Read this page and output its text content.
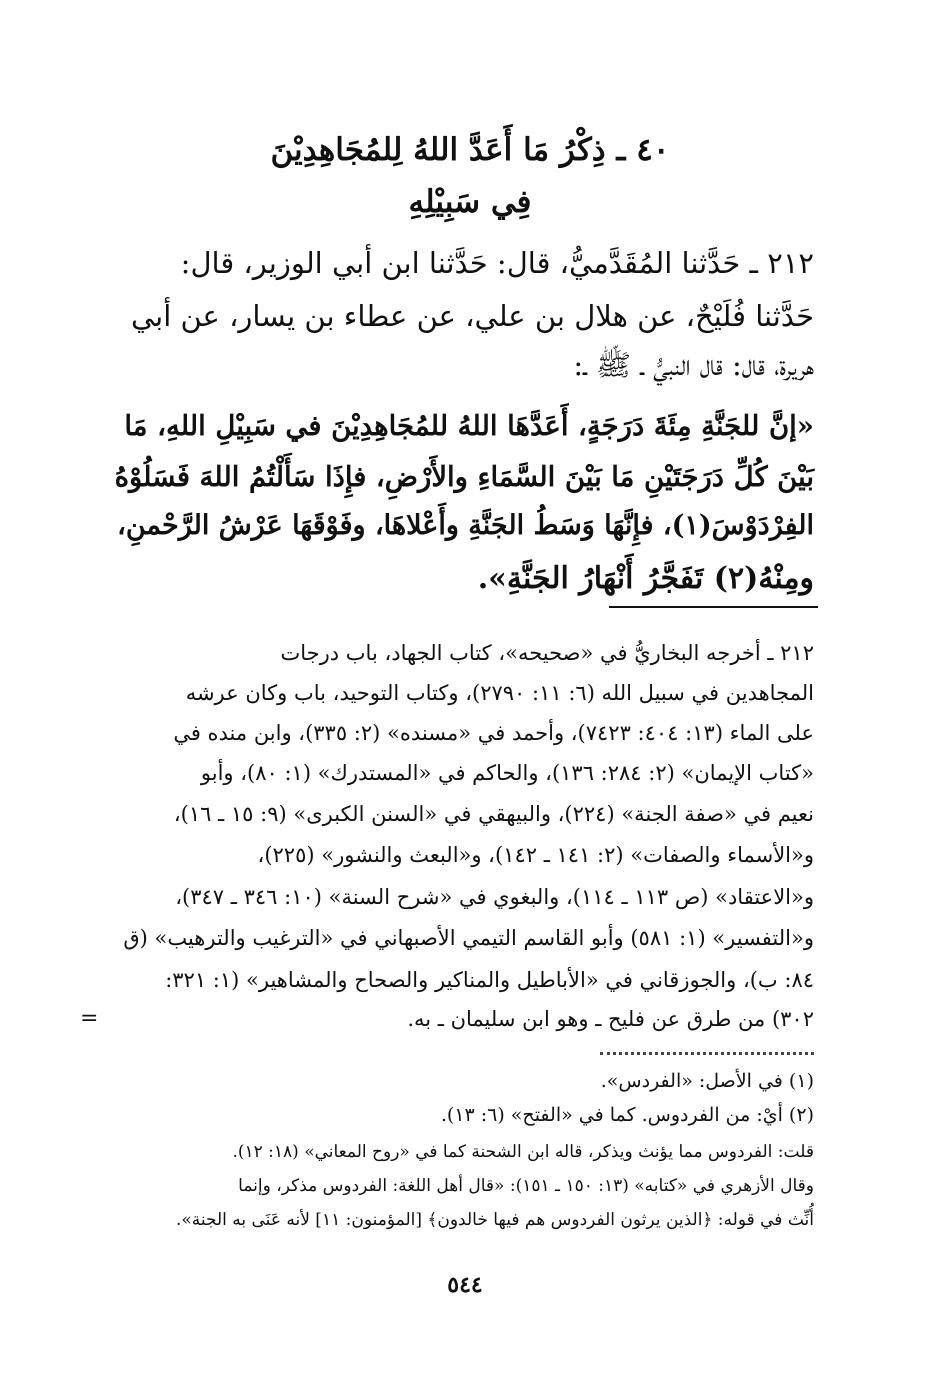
٤٠ ـ ذِكْرُ مَا أَعَدَّ اللهُ لِلمُجَاهِدِيْنَ
فِي سَبِيْلِهِ
٢١٢ ـ حَدَّثنا المُقَدَّميُّ، قال: حَدَّثنا ابن أبي الوزير، قال:
حَدَّثنا فُلَيْحٌ، عن هلال بن علي، عن عطاء بن يسار، عن أبي
هريرة، قال: قال النبيُّ ـ ﷺ ـ:
«إنَّ للجَنَّةِ مِئَةَ دَرَجَةٍ، أَعَدَّهَا اللهُ للمُجَاهِدِيْنَ في سَبِيْلِ اللهِ، مَا
بَيْنَ كُلِّ دَرَجَتَيْنِ مَا بَيْنَ السَّمَاءِ والأَرْضِ، فإِذَا سَأَلْتُمُ اللهَ فَسَلُوْهُ
الفِرْدَوْسَ(١)، فإِنَّهَا وَسَطُ الجَنَّةِ وأَعْلاهَا، وفَوْقَهَا عَرْشُ الرَّحْمنِ،
ومِنْهُ(٢) تَفَجَّرُ أَنْهَارُ الجَنَّةِ».
٢١٢ ـ أخرجه البخاريُّ في «صحيحه»، كتاب الجهاد، باب درجات
المجاهدين في سبيل الله (٦: ١١: ٢٧٩٠)، وكتاب التوحيد، باب وكان عرشه
على الماء (١٣: ٤٠٤: ٧٤٢٣)، وأحمد في «مسنده» (٢: ٣٣٥)، وابن منده في
«كتاب الإيمان» (٢: ٢٨٤: ١٣٦)، والحاكم في «المستدرك» (١: ٨٠)، وأبو
نعيم في «صفة الجنة» (٢٢٤)، والبيهقي في «السنن الكبرى» (٩: ١٥ ـ ١٦)،
و«الأسماء والصفات» (٢: ١٤١ ـ ١٤٢)، و«البعث والنشور» (٢٢٥)،
و«الاعتقاد» (ص ١١٣ ـ ١١٤)، والبغوي في «شرح السنة» (١٠: ٣٤٦ ـ ٣٤٧)،
و«التفسير» (١: ٥٨١) وأبو القاسم التيمي الأصبهاني في «الترغيب والترهيب» (ق
٨٤: ب)، والجوزقاني في «الأباطيل والمناكير والصحاح والمشاهير» (١: ٣٢١:
٣٠٢) من طرق عن فليح ـ وهو ابن سليمان ـ به.
=
(١) في الأصل: «الفردس».
(٢) أيْ: من الفردوس. كما في «الفتح» (٦: ١٣).
قلت: الفردوس مما يؤنث ويذكر، قاله ابن الشحنة كما في «روح المعاني» (١٨: ١٢).
وقال الأزهري في «كتابه» (١٣: ١٥٠ ـ ١٥١): «قال أهل اللغة: الفردوس مذكر، وإنما
أُنِّث في قوله: ﴿الذين يرثون الفردوس هم فيها خالدون﴾ [المؤمنون: ١١] لأنه عَنَى به الجنة».
٥٤٤
